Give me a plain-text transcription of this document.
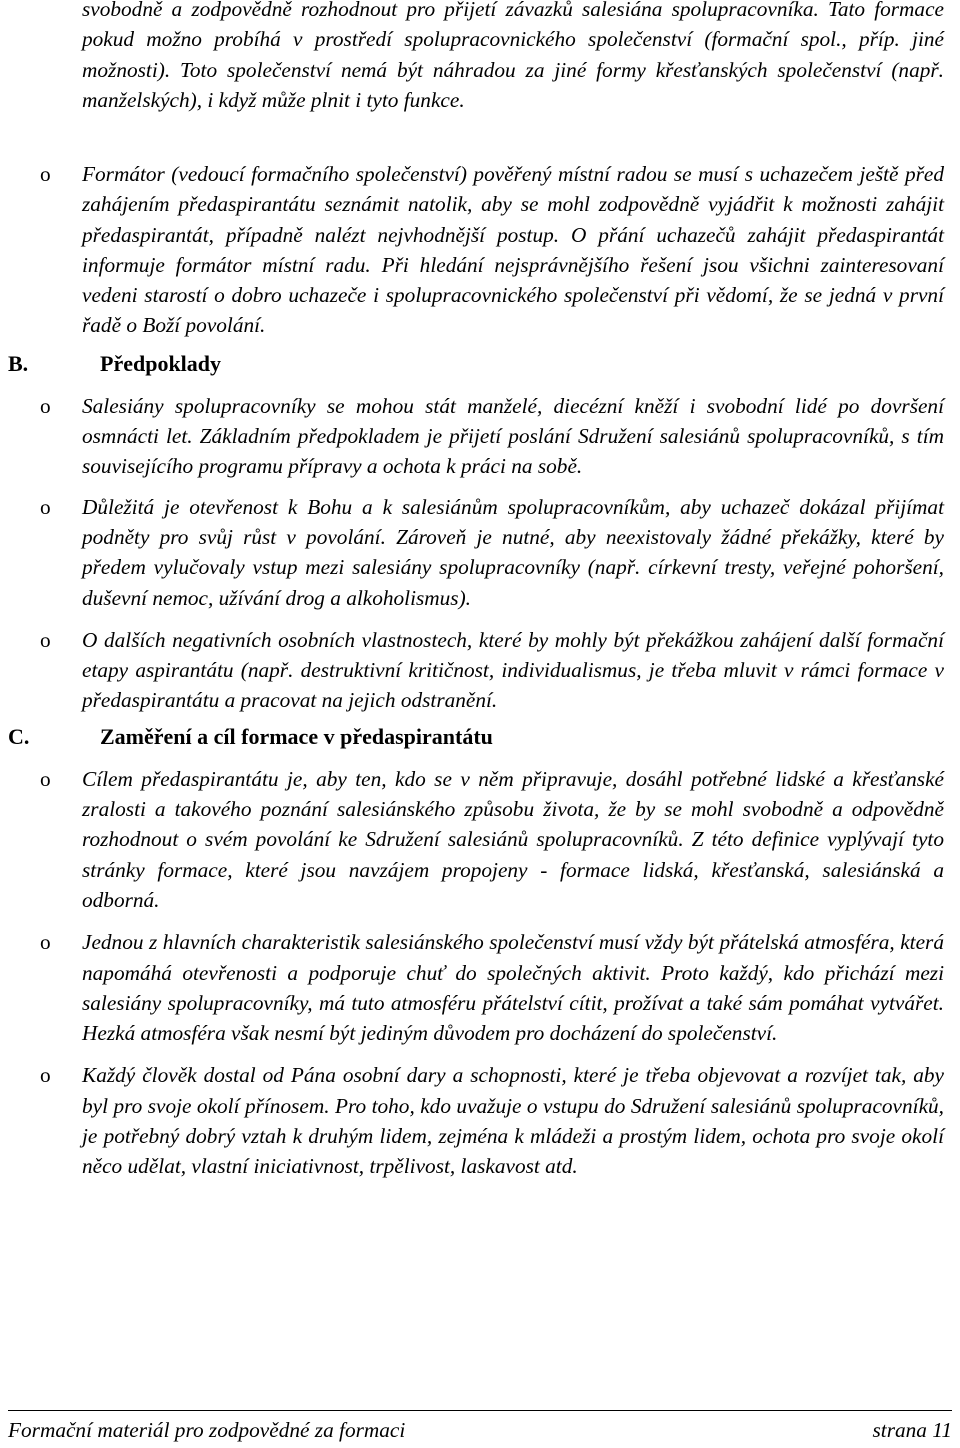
svobodně a zodpovědně rozhodnout pro přijetí závazků salesiána spolupracovníka. Tato formace pokud možno probíhá v prostředí spolupracovnického společenství (formační spol., příp. jiné možnosti). Toto společenství nemá být náhradou za jiné formy křesťanských společenství (např. manželských), i když může plnit i tyto funkce.

o Formátor (vedoucí formačního společenství) pověřený místní radou se musí s uchazečem ještě před zahájením předaspirantátu seznámit natolik, aby se mohl zodpovědně vyjádřit k možnosti zahájit předaspirantát, případně nalézt nejvhodnější postup. O přání uchazečů zahájit předaspirantát informuje formátor místní radu. Při hledání nejsprávnějšího řešení jsou všichni zainteresovaní vedeni starostí o dobro uchazeče i spolupracovnického společenství při vědomí, že se jedná v první řadě o Boží povolání.
B.	Předpoklady
o Salesiány spolupracovníky se mohou stát manželé, diecézní kněží i svobodní lidé po dovršení osmnácti let. Základním předpokladem je přijetí poslání Sdružení salesiánů spolupracovníků, s tím souvisejícího programu přípravy a ochota k práci na sobě.
o Důležitá je otevřenost k Bohu a k salesiánům spolupracovníkům, aby uchazeč dokázal přijímat podněty pro svůj růst v povolání. Zároveň je nutné, aby neexistovaly žádné překážky, které by předem vylučovaly vstup mezi salesiány spolupracovníky (např. církevní tresty, veřejné pohoršení, duševní nemoc, užívání drog a alkoholismus).
o O dalších negativních osobních vlastnostech, které by mohly být překážkou zahájení další formační etapy aspirantátu (např. destruktivní kritičnost, individualismus, je třeba mluvit v rámci formace v předaspirantátu a pracovat na jejich odstranění.
C.	Zaměření a cíl formace v předaspirantátu
o Cílem předaspirantátu je, aby ten, kdo se v něm připravuje, dosáhl potřebné lidské a křesťanské zralosti a takového poznání salesiánského způsobu života, že by se mohl svobodně a odpovědně rozhodnout o svém povolání ke Sdružení salesiánů spolupracovníků. Z této definice vyplývají tyto stránky formace, které jsou navzájem propojeny - formace lidská, křesťanská, salesiánská a odborná.
o Jednou z hlavních charakteristik salesiánského společenství musí vždy být přátelská atmosféra, která napomáhá otevřenosti a podporuje chuť do společných aktivit. Proto každý, kdo přichází mezi salesiány spolupracovníky, má tuto atmosféru přátelství cítit, prožívat a také sám pomáhat vytvářet. Hezká atmosféra však nesmí být jediným důvodem pro docházení do společenství.
o Každý člověk dostal od Pána osobní dary a schopnosti, které je třeba objevovat a rozvíjet tak, aby byl pro svoje okolí přínosem. Pro toho, kdo uvažuje o vstupu do Sdružení salesiánů spolupracovníků, je potřebný dobrý vztah k druhým lidem, zejména k mládeži a prostým lidem, ochota pro svoje okolí něco udělat, vlastní iniciativnost, trpělivost, laskavost atd.
Formační materiál pro zodpovědné za formaci	strana 11
